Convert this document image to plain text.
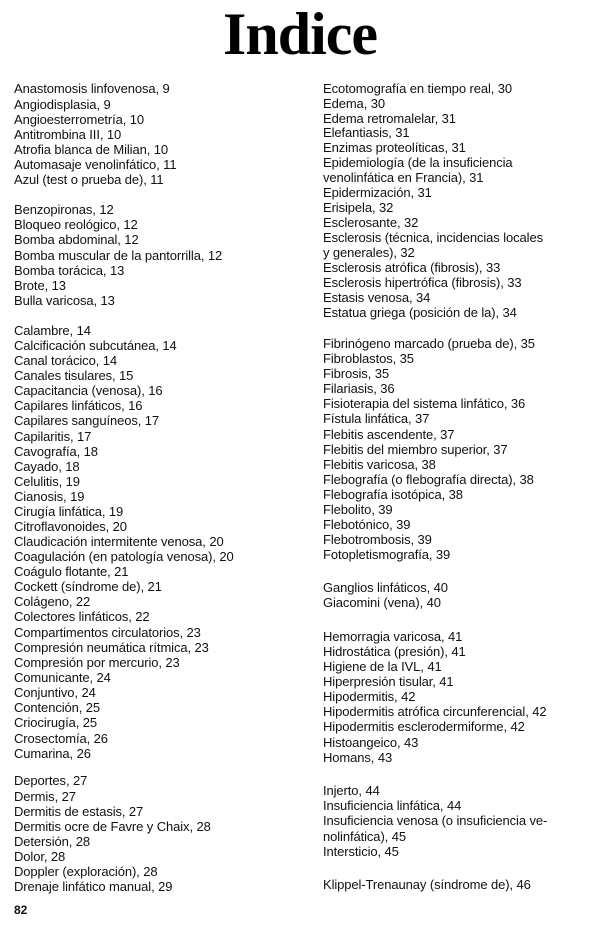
Indice
Anastomosis linfovenosa, 9
Angiodisplasia, 9
Angioesterrometría, 10
Antitrombina III, 10
Atrofia blanca de Milian, 10
Automasaje venolinfático, 11
Azul (test o prueba de), 11
Benzopironas, 12
Bloqueo reológico, 12
Bomba abdominal, 12
Bomba muscular de la pantorrilla, 12
Bomba torácica, 13
Brote, 13
Bulla varicosa, 13
Calambre, 14
Calcificación subcutánea, 14
Canal torácico, 14
Canales tisulares, 15
Capacitancia (venosa), 16
Capilares linfáticos, 16
Capilares sanguíneos, 17
Capilaritis, 17
Cavografía, 18
Cayado, 18
Celulitis, 19
Cianosis, 19
Cirugía linfática, 19
Citroflavonoides, 20
Claudicación intermitente venosa, 20
Coagulación (en patología venosa), 20
Coágulo flotante, 21
Cockett (síndrome de), 21
Colágeno, 22
Colectores linfáticos, 22
Compartimentos circulatorios, 23
Compresión neumática rítmica, 23
Compresión por mercurio, 23
Comunicante, 24
Conjuntivo, 24
Contención, 25
Criocirugía, 25
Crosectomía, 26
Cumarina, 26
Deportes, 27
Dermis, 27
Dermitis de estasis, 27
Dermitis ocre de Favre y Chaix, 28
Detersión, 28
Dolor, 28
Doppler (exploración), 28
Drenaje linfático manual, 29
Ecotomografía en tiempo real, 30
Edema, 30
Edema retromalelar, 31
Elefantiasis, 31
Enzimas proteolíticas, 31
Epidemiología (de la insuficiencia
venolinfática en Francia), 31
Epidermización, 31
Erisipela, 32
Esclerosante, 32
Esclerosis (técnica, incidencias locales
y generales), 32
Esclerosis atrófica (fibrosis), 33
Esclerosis hipertrófica (fibrosis), 33
Estasis venosa, 34
Estatua griega (posición de la), 34
Fibrinógeno marcado (prueba de), 35
Fibroblastos, 35
Fibrosis, 35
Filariasis, 36
Fisioterapia del sistema linfático, 36
Fístula linfática, 37
Flebitis ascendente, 37
Flebitis del miembro superior, 37
Flebitis varicosa, 38
Flebografía (o flebografía directa), 38
Flebografía isotópica, 38
Flebolito, 39
Flebotónico, 39
Flebotrombosis, 39
Fotopletismografía, 39
Ganglios linfáticos, 40
Giacomini (vena), 40
Hemorragia varicosa, 41
Hidrostática (presión), 41
Higiene de la IVL, 41
Hiperpresión tisular, 41
Hipodermitis, 42
Hipodermitis atrófica circunferencial, 42
Hipodermitis esclerodermiforme, 42
Histoangeico, 43
Homans, 43
Injerto, 44
Insuficiencia linfática, 44
Insuficiencia venosa (o insuficiencia ve-
nolinfática), 45
Intersticio, 45
Klippel-Trenaunay (síndrome de), 46
82
